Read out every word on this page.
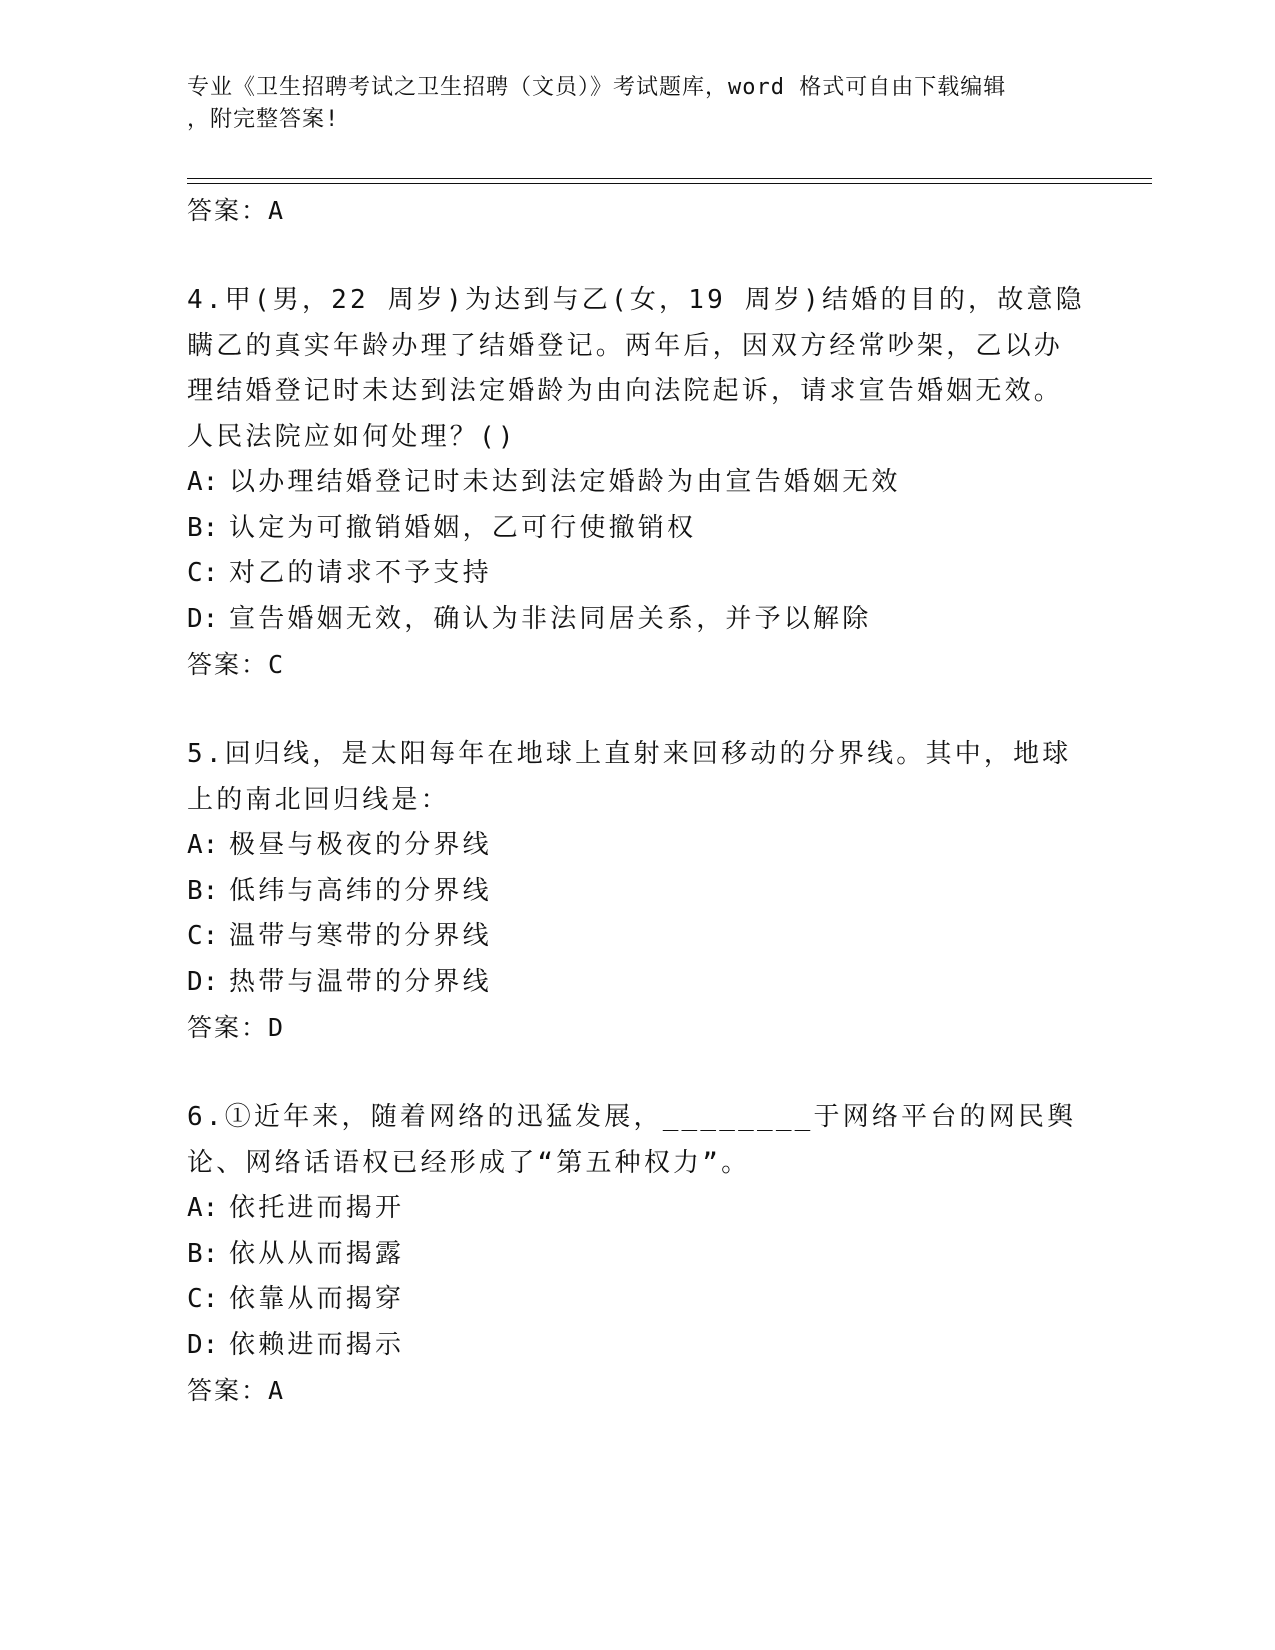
专业《卫生招聘考试之卫生招聘（文员）》考试题库，word 格式可自由下载编辑
，附完整答案!
答案：A

4.甲(男，22 周岁)为达到与乙(女，19 周岁)结婚的目的，故意隐瞒乙的真实年龄办理了结婚登记。两年后，因双方经常吵架，乙以办理结婚登记时未达到法定婚龄为由向法院起诉，请求宣告婚姻无效。人民法院应如何处理？()

A: 以办理结婚登记时未达到法定婚龄为由宣告婚姻无效
B: 认定为可撤销婚姻，乙可行使撤销权
C: 对乙的请求不予支持
D: 宣告婚姻无效，确认为非法同居关系，并予以解除
答案：C

5.回归线，是太阳每年在地球上直射来回移动的分界线。其中，地球上的南北回归线是：

A: 极昼与极夜的分界线
B: 低纬与高纬的分界线
C: 温带与寒带的分界线
D: 热带与温带的分界线
答案：D

6.①近年来，随着网络的迅猛发展，________于网络平台的网民舆论、网络话语权已经形成了“第五种权力”。

A: 依托进而揭开
B: 依从从而揭露
C: 依靠从而揭穿
D: 依赖进而揭示
答案：A
